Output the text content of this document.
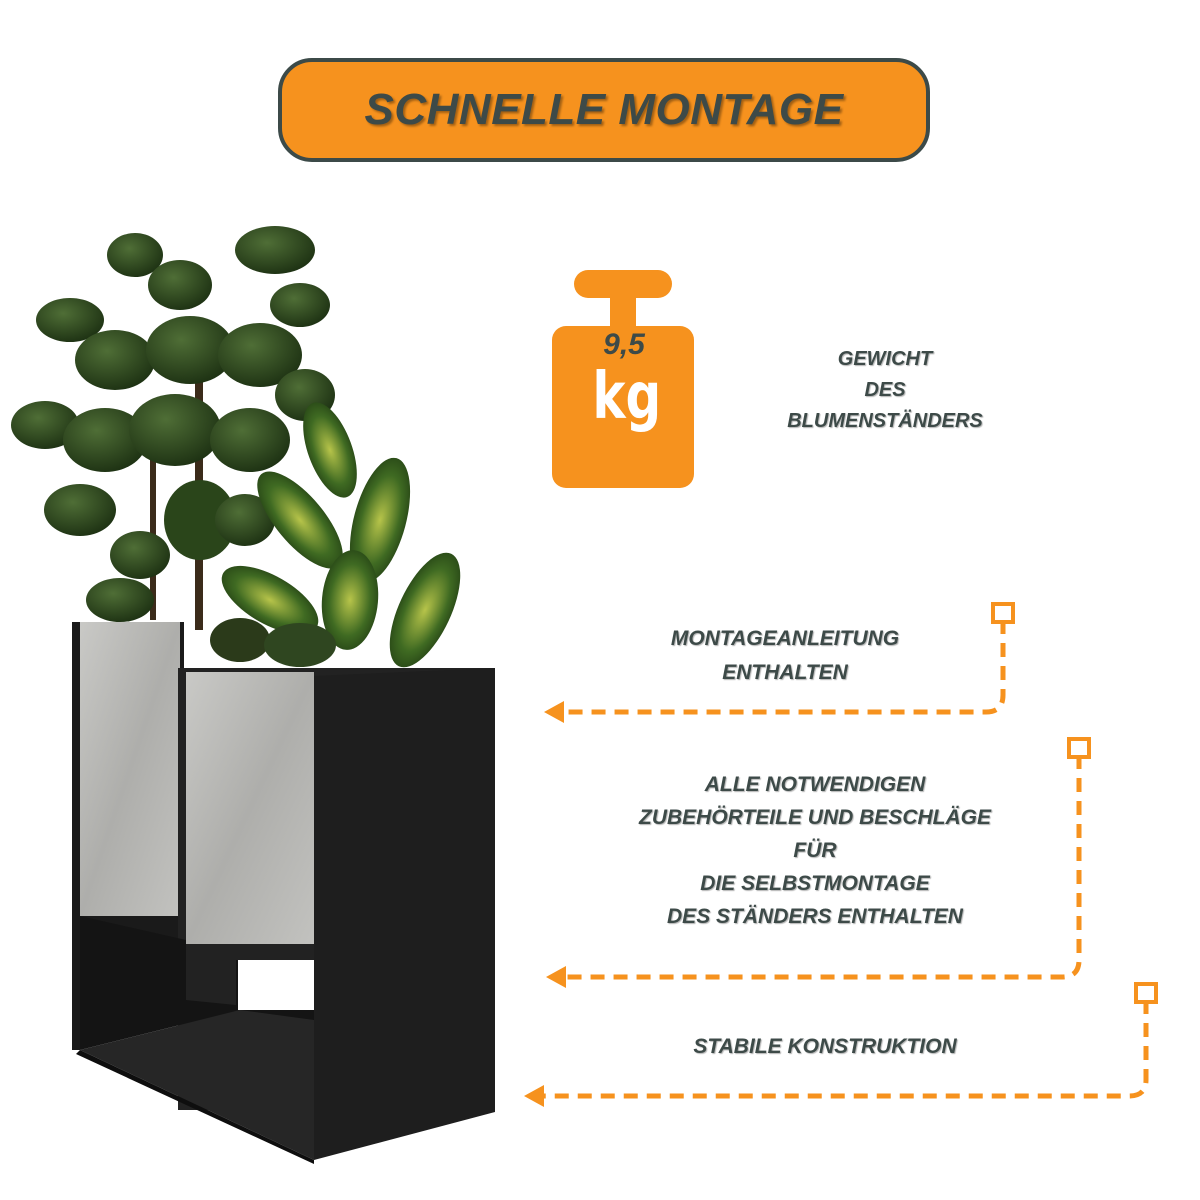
SCHNELLE MONTAGE
9,5
kg
GEWICHT
DES
BLUMENSTÄNDERS
MONTAGEANLEITUNG
ENTHALTEN
ALLE NOTWENDIGEN
ZUBEHÖRTEILE UND BESCHLÄGE
FÜR
DIE SELBSTMONTAGE
DES STÄNDERS ENTHALTEN
STABILE KONSTRUKTION
